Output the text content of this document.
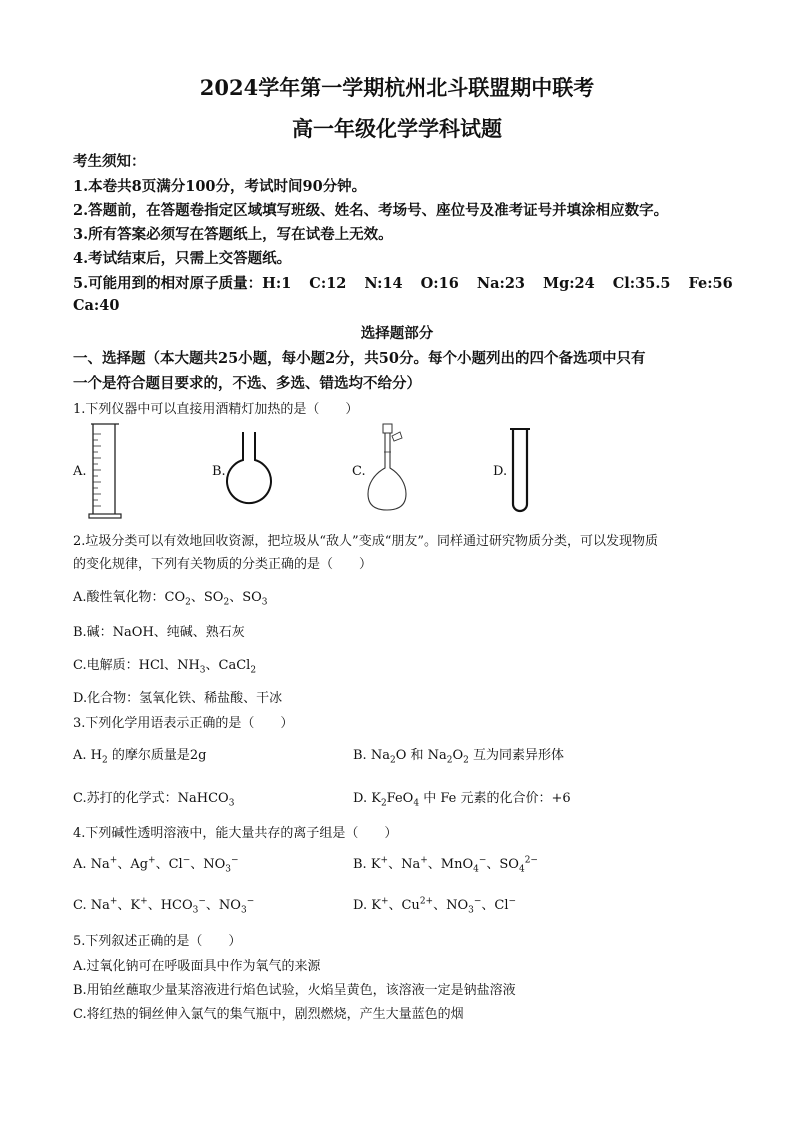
2024学年第一学期杭州北斗联盟期中联考
高一年级化学学科试题
考生须知：
1.本卷共8页满分100分，考试时间90分钟。
2.答题前，在答题卷指定区域填写班级、姓名、考场号、座位号及准考证号并填涂相应数字。
3.所有答案必须写在答题纸上，写在试卷上无效。
4.考试结束后，只需上交答题纸。
5.可能用到的相对原子质量：H:1 C:12 N:14 O:16 Na:23 Mg:24 Cl:35.5 Fe:56
Ca:40
选择题部分
一、选择题（本大题共25小题，每小题2分，共50分。每个小题列出的四个备选项中只有
一个是符合题目要求的，不选、多选、错选均不给分）
1.下列仪器中可以直接用酒精灯加热的是（　　）
A.	B.	C.	D.
2.垃圾分类可以有效地回收资源，把垃圾从“敌人”变成“朋友”。同样通过研究物质分类，可以发现物质
的变化规律，下列有关物质的分类正确的是（　　）
A.酸性氧化物：$CO_2$、$SO_2$、$SO_3$
B.碱：NaOH、纯碱、熟石灰
C.电解质：HCl、$NH_3$、CaCl$_2$
D.化合物：氢氧化铁、稀盐酸、干冰
3.下列化学用语表示正确的是（　　）
A. $H_2$ 的摩尔质量是2g	B. $Na_2O$ 和 $Na_2O_2$ 互为同素异形体
C.苏打的化学式：NaHCO$_3$	D. $K_2FeO_4$ 中 Fe 元素的化合价：+6
4.下列碱性透明溶液中，能大量共存的离子组是（　　）
A. Na+、Ag+、Cl−、$NO_3^-$	B. K+、Na+、MnO$_4$−、$SO_4^{2-}$
C. Na+、K+、$HCO_3^-$、$NO_3^-$	D. K+、$Cu^{2+}$、$NO_3^-$、Cl−
5.下列叙述正确的是（　　）
A.过氧化钠可在呼吸面具中作为氧气的来源
B.用铂丝蘸取少量某溶液进行焰色试验，火焰呈黄色，该溶液一定是钠盐溶液
C.将红热的铜丝伸入氯气的集气瓶中，剧烈燃烧，产生大量蓝色的烟
